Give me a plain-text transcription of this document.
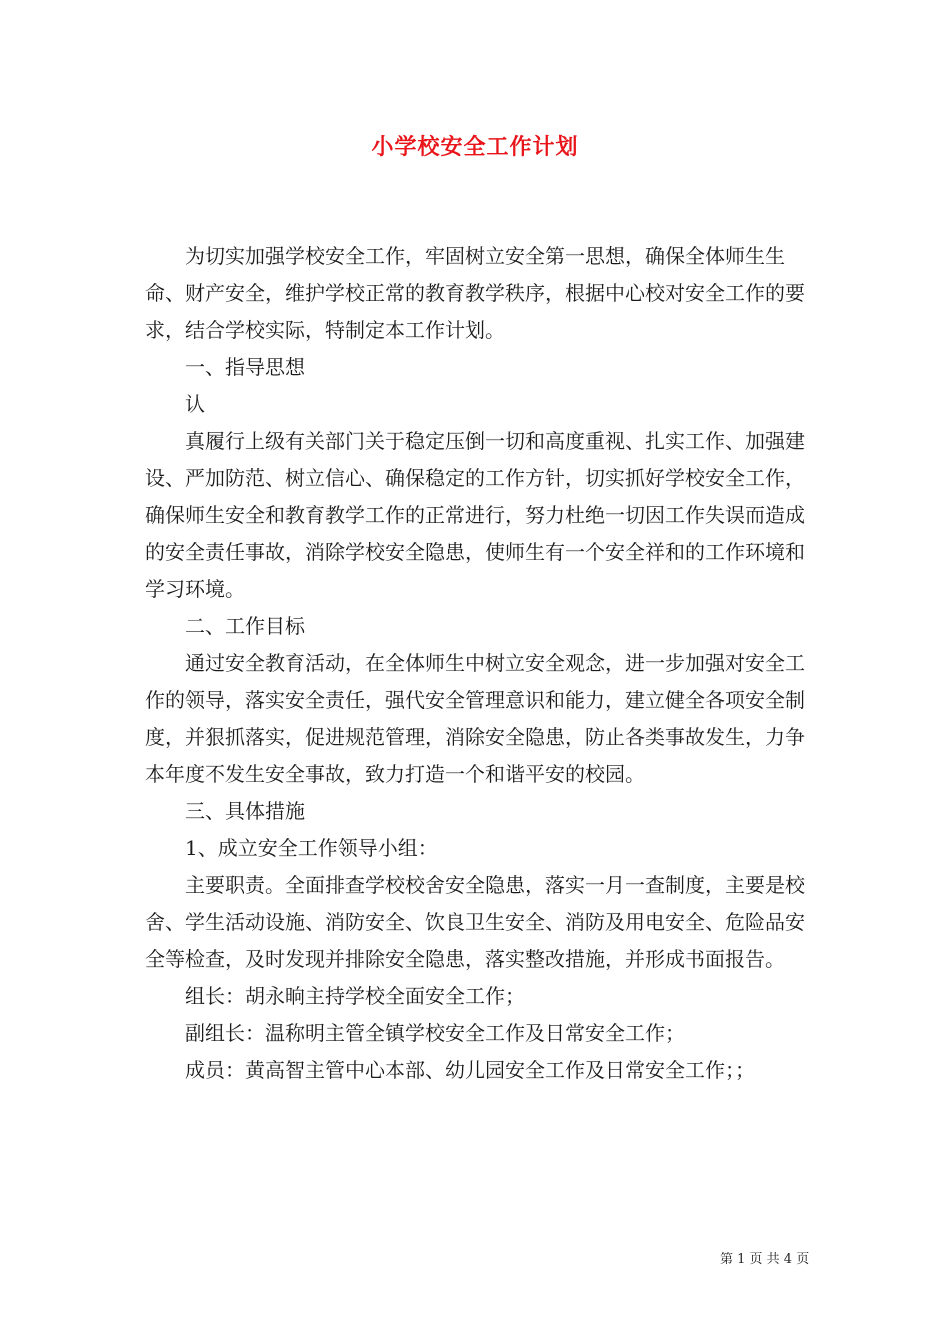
小学校安全工作计划

为切实加强学校安全工作，牢固树立安全第一思想，确保全体师生生命、财产安全，维护学校正常的教育教学秩序，根据中心校对安全工作的要求，结合学校实际，特制定本工作计划。

一、指导思想

认

真履行上级有关部门关于稳定压倒一切和高度重视、扎实工作、加强建设、严加防范、树立信心、确保稳定的工作方针，切实抓好学校安全工作，确保师生安全和教育教学工作的正常进行，努力杜绝一切因工作失误而造成的安全责任事故，消除学校安全隐患，使师生有一个安全祥和的工作环境和学习环境。

二、工作目标

通过安全教育活动，在全体师生中树立安全观念，进一步加强对安全工作的领导，落实安全责任，强代安全管理意识和能力，建立健全各项安全制度，并狠抓落实，促进规范管理，消除安全隐患，防止各类事故发生，力争本年度不发生安全事故，致力打造一个和谐平安的校园。

三、具体措施

1、成立安全工作领导小组：

主要职责。全面排查学校校舍安全隐患，落实一月一查制度，主要是校舍、学生活动设施、消防安全、饮良卫生安全、消防及用电安全、危险品安全等检查，及时发现并排除安全隐患，落实整改措施，并形成书面报告。

组长：胡永晌主持学校全面安全工作；

副组长：温称明主管全镇学校安全工作及日常安全工作；

成员：黄高智主管中心本部、幼儿园安全工作及日常安全工作；；

第 1 页 共 4 页
